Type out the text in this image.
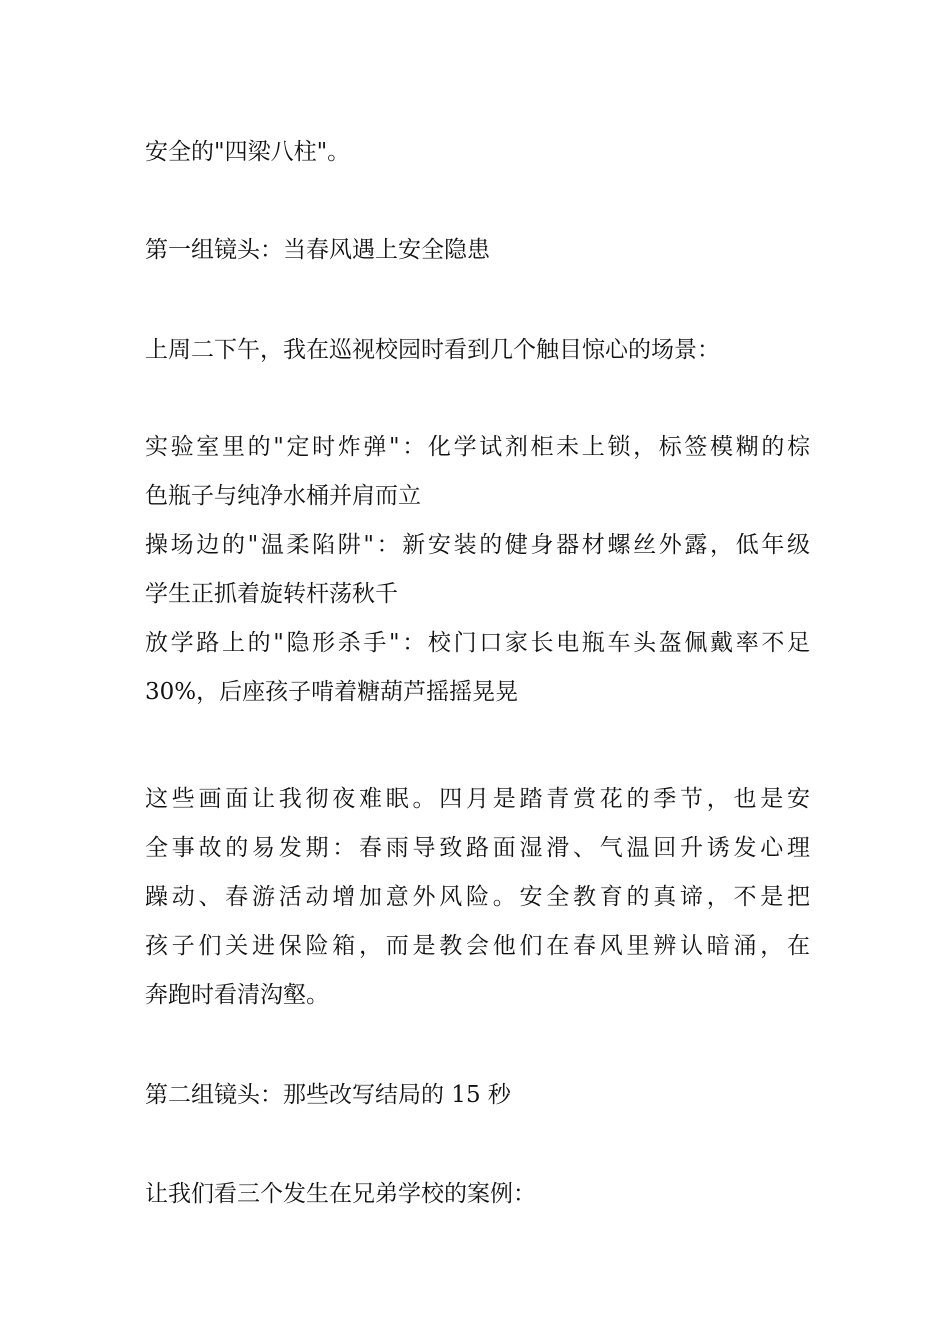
安全的"四梁八柱"。

第一组镜头：当春风遇上安全隐患

上周二下午，我在巡视校园时看到几个触目惊心的场景：

实验室里的"定时炸弹"：化学试剂柜未上锁，标签模糊的棕
色瓶子与纯净水桶并肩而立
操场边的"温柔陷阱"：新安装的健身器材螺丝外露，低年级
学生正抓着旋转杆荡秋千
放学路上的"隐形杀手"：校门口家长电瓶车头盔佩戴率不足
30%，后座孩子啃着糖葫芦摇摇晃晃

这些画面让我彻夜难眠。四月是踏青赏花的季节，也是安
全事故的易发期：春雨导致路面湿滑、气温回升诱发心理
躁动、春游活动增加意外风险。安全教育的真谛，不是把
孩子们关进保险箱，而是教会他们在春风里辨认暗涌，在
奔跑时看清沟壑。

第二组镜头：那些改写结局的 15 秒

让我们看三个发生在兄弟学校的案例：
